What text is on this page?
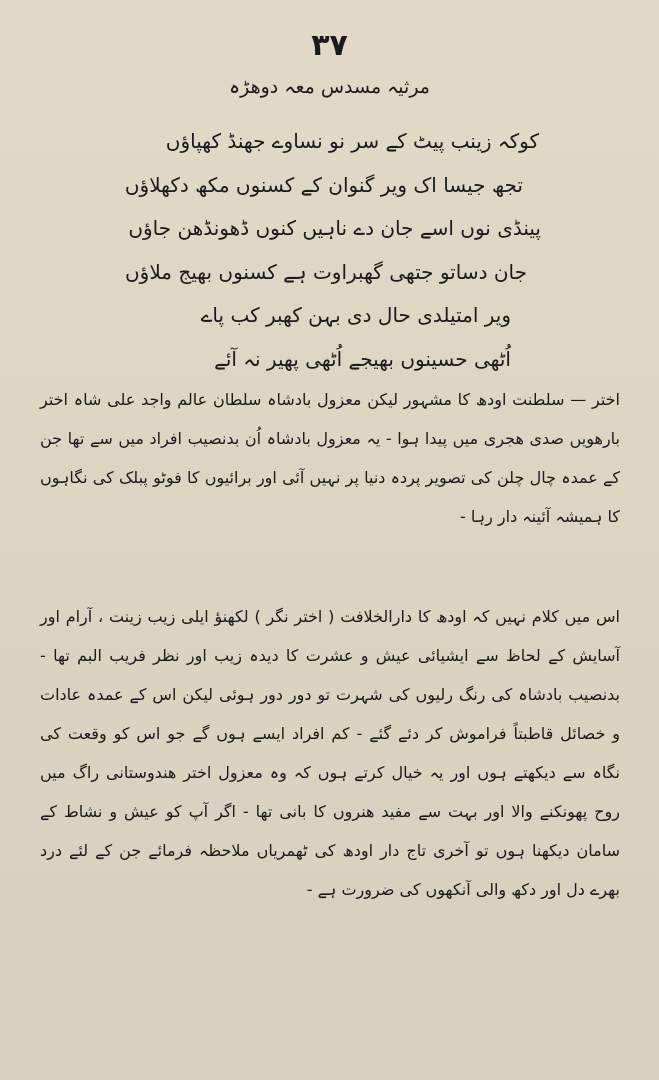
۳۷
مرثیہ مسدس معہ دوھڑہ
کوکہ زینب پیٹ کے سر نو نساوے جھنڈ کھپاؤں
تجھ جیسا اک ویر گنوان کے کسنوں مکھ دکھلاؤں
پینڈی نوں اسے جان دے ناہیں کنوں ڈھونڈھن جاؤں
جان دساتو جتھی گھبراوت ہے کسنوں بھیج ملاؤں
ویر امتیلدی حال دی بہن کھبر کب پاے
اُٹھی حسینوں بھیجے اُٹھی پھیر نہ آئے

اختر — سلطنت اودھ کا مشہور لیکن معزول بادشاہ سلطان عالم واجد علی شاہ اختر بارھویں صدی ھجری میں پیدا ہوا - یہ معزول بادشاہ اُن بدنصیب افراد میں سے تھا جن کے عمدہ چال چلن کی تصویر پردہ دنیا پر نہیں آئی اور برائیوں کا فوٹو پبلک کی نگاہوں کا ہمیشہ آئینہ دار رہا -

اس میں کلام نہیں کہ اودھ کا دارالخلافت ( اختر نگر ) لکھنؤ ایلی زیب زینت ، آرام اور آسایش کے لحاظ سے ایشیائی عیش و عشرت کا دیدہ زیب اور نظر فریب البم تھا - بدنصیب بادشاہ کی رنگ رلیوں کی شہرت تو دور دور ہوئی لیکن اس کے عمدہ عادات و خصائل قاطبتاً فراموش کر دئے گئے - کم افراد ایسے ہوں گے جو اس کو وقعت کی نگاہ سے دیکھتے ہوں اور یہ خیال کرتے ہوں کہ وہ معزول اختر ھندوستانی راگ میں روح پھونکنے والا اور بہت سے مفید ھنروں کا بانی تھا - اگر آپ کو عیش و نشاط کے سامان دیکھنا ہوں تو آخری تاج دار اودھ کی ٹھمریاں ملاحظہ فرمائے جن کے لئے درد بھرے دل اور دکھ والی آنکھوں کی ضرورت ہے -
